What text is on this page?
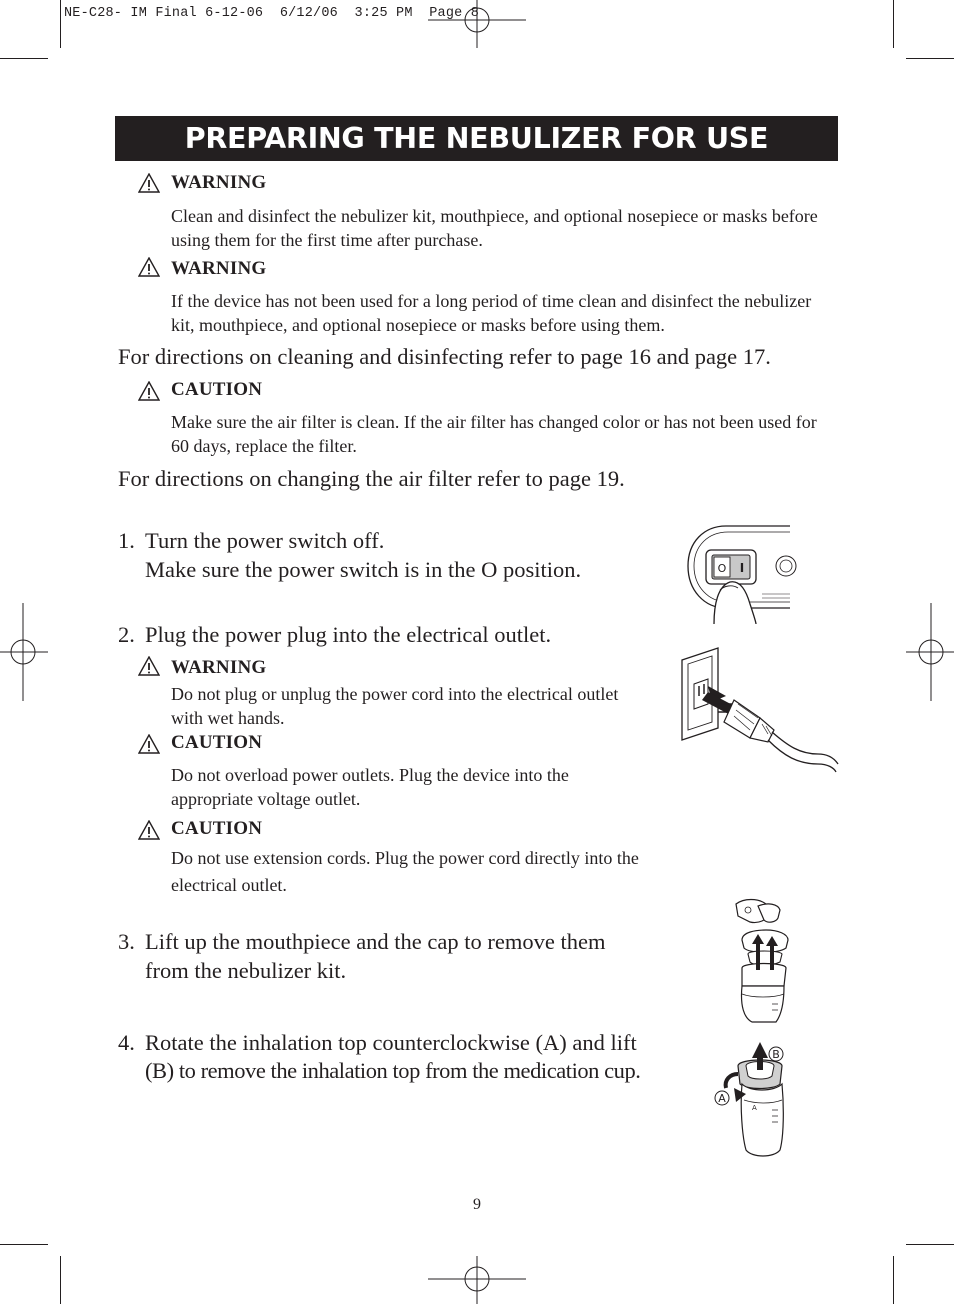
NE-C28- IM Final 6-12-06  6/12/06  3:25 PM  Page 8
PREPARING THE NEBULIZER FOR USE
WARNING
Clean and disinfect the nebulizer kit, mouthpiece, and optional nosepiece or masks before using them for the first time after purchase.
WARNING
If the device has not been used for a long period of time clean and disinfect the nebulizer kit, mouthpiece, and optional nosepiece or masks before using them.
For directions on cleaning and disinfecting refer to page 16 and page 17.
CAUTION
Make sure the air filter is clean. If the air filter has changed color or has not been used for 60 days, replace the filter.
For directions on changing the air filter refer to page 19.
1. Turn the power switch off.
Make sure the power switch is in the O position.
2. Plug the power plug into the electrical outlet.
WARNING
Do not plug or unplug the power cord into the electrical outlet with wet hands.
CAUTION
Do not overload power outlets. Plug the device into the appropriate voltage outlet.
CAUTION
Do not use extension cords. Plug the power cord directly into the electrical outlet.
3. Lift up the mouthpiece and the cap to remove them
from the nebulizer kit.
4. Rotate the inhalation top counterclockwise (A) and lift
(B) to remove the inhalation top from the medication cup.
O I
A
B
A
9
